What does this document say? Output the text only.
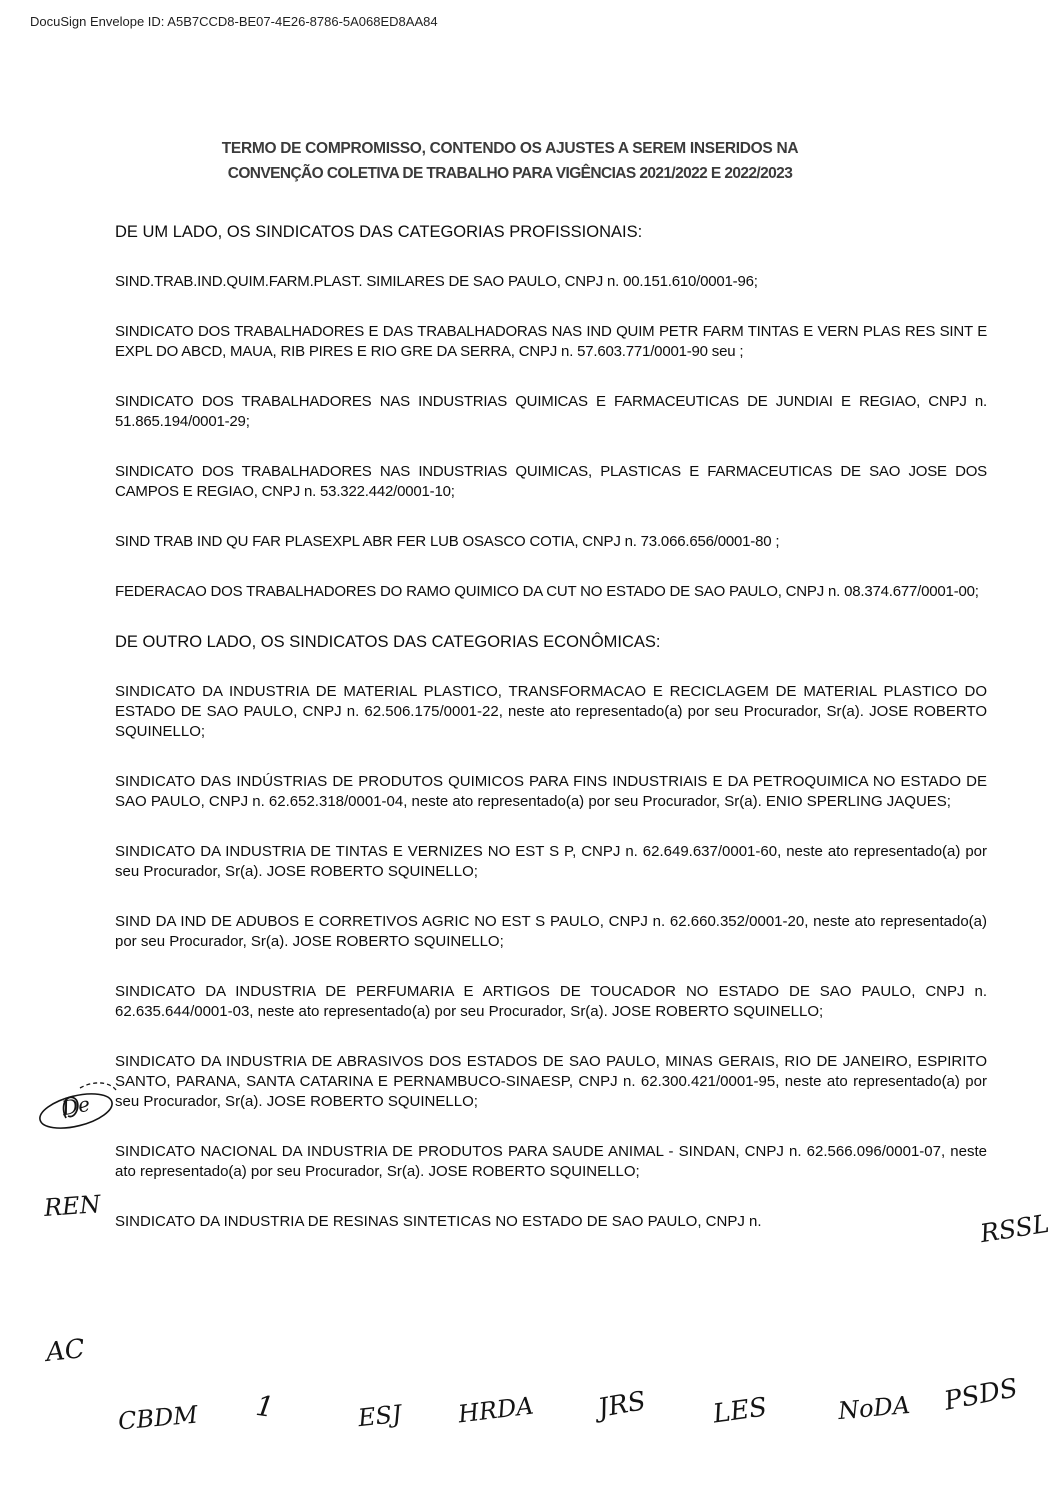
DocuSign Envelope ID: A5B7CCD8-BE07-4E26-8786-5A068ED8AA84
TERMO DE COMPROMISSO, CONTENDO OS AJUSTES A SEREM INSERIDOS NA
CONVENÇÃO COLETIVA DE TRABALHO PARA VIGÊNCIAS 2021/2022 E 2022/2023

DE UM LADO, OS SINDICATOS DAS CATEGORIAS PROFISSIONAIS:

SIND.TRAB.IND.QUIM.FARM.PLAST. SIMILARES DE SAO PAULO, CNPJ n. 00.151.610/0001-96;

SINDICATO DOS TRABALHADORES E DAS TRABALHADORAS NAS IND QUIM PETR FARM TINTAS E VERN PLAS RES SINT E EXPL DO ABCD, MAUA, RIB PIRES E RIO GRE DA SERRA, CNPJ n. 57.603.771/0001-90 seu ;

SINDICATO DOS TRABALHADORES NAS INDUSTRIAS QUIMICAS E FARMACEUTICAS DE JUNDIAI E REGIAO, CNPJ n. 51.865.194/0001-29;

SINDICATO DOS TRABALHADORES NAS INDUSTRIAS QUIMICAS, PLASTICAS E FARMACEUTICAS DE SAO JOSE DOS CAMPOS E REGIAO, CNPJ n. 53.322.442/0001-10;

SIND TRAB IND QU FAR PLASEXPL ABR FER LUB OSASCO COTIA, CNPJ n. 73.066.656/0001-80 ;

FEDERACAO DOS TRABALHADORES DO RAMO QUIMICO DA CUT NO ESTADO DE SAO PAULO, CNPJ n. 08.374.677/0001-00;

DE OUTRO LADO, OS SINDICATOS DAS CATEGORIAS ECONÔMICAS:

SINDICATO DA INDUSTRIA DE MATERIAL PLASTICO, TRANSFORMACAO E RECICLAGEM DE MATERIAL PLASTICO DO ESTADO DE SAO PAULO, CNPJ n. 62.506.175/0001-22, neste ato representado(a) por seu Procurador, Sr(a). JOSE ROBERTO SQUINELLO;

SINDICATO DAS INDÚSTRIAS DE PRODUTOS QUIMICOS PARA FINS INDUSTRIAIS E DA PETROQUIMICA NO ESTADO DE SAO PAULO, CNPJ n. 62.652.318/0001-04, neste ato representado(a) por seu Procurador, Sr(a). ENIO SPERLING JAQUES;

SINDICATO DA INDUSTRIA DE TINTAS E VERNIZES NO EST S P, CNPJ n. 62.649.637/0001-60, neste ato representado(a) por seu Procurador, Sr(a). JOSE ROBERTO SQUINELLO;

SIND DA IND DE ADUBOS E CORRETIVOS AGRIC NO EST S PAULO, CNPJ n. 62.660.352/0001-20, neste ato representado(a) por seu Procurador, Sr(a). JOSE ROBERTO SQUINELLO;

SINDICATO DA INDUSTRIA DE PERFUMARIA E ARTIGOS DE TOUCADOR NO ESTADO DE SAO PAULO, CNPJ n. 62.635.644/0001-03, neste ato representado(a) por seu Procurador, Sr(a). JOSE ROBERTO SQUINELLO;

SINDICATO DA INDUSTRIA DE ABRASIVOS DOS ESTADOS DE SAO PAULO, MINAS GERAIS, RIO DE JANEIRO, ESPIRITO SANTO, PARANA, SANTA CATARINA E PERNAMBUCO-SINAESP, CNPJ n. 62.300.421/0001-95, neste ato representado(a) por seu Procurador, Sr(a). JOSE ROBERTO SQUINELLO;

SINDICATO NACIONAL DA INDUSTRIA DE PRODUTOS PARA SAUDE ANIMAL - SINDAN, CNPJ n. 62.566.096/0001-07, neste ato representado(a) por seu Procurador, Sr(a). JOSE ROBERTO SQUINELLO;

SINDICATO DA INDUSTRIA DE RESINAS SINTETICAS NO ESTADO DE SAO PAULO, CNPJ n.

De
REN
AC
RSSL
CBDM 1	ESJ HRDA JRS LES	NoDA PSDS
